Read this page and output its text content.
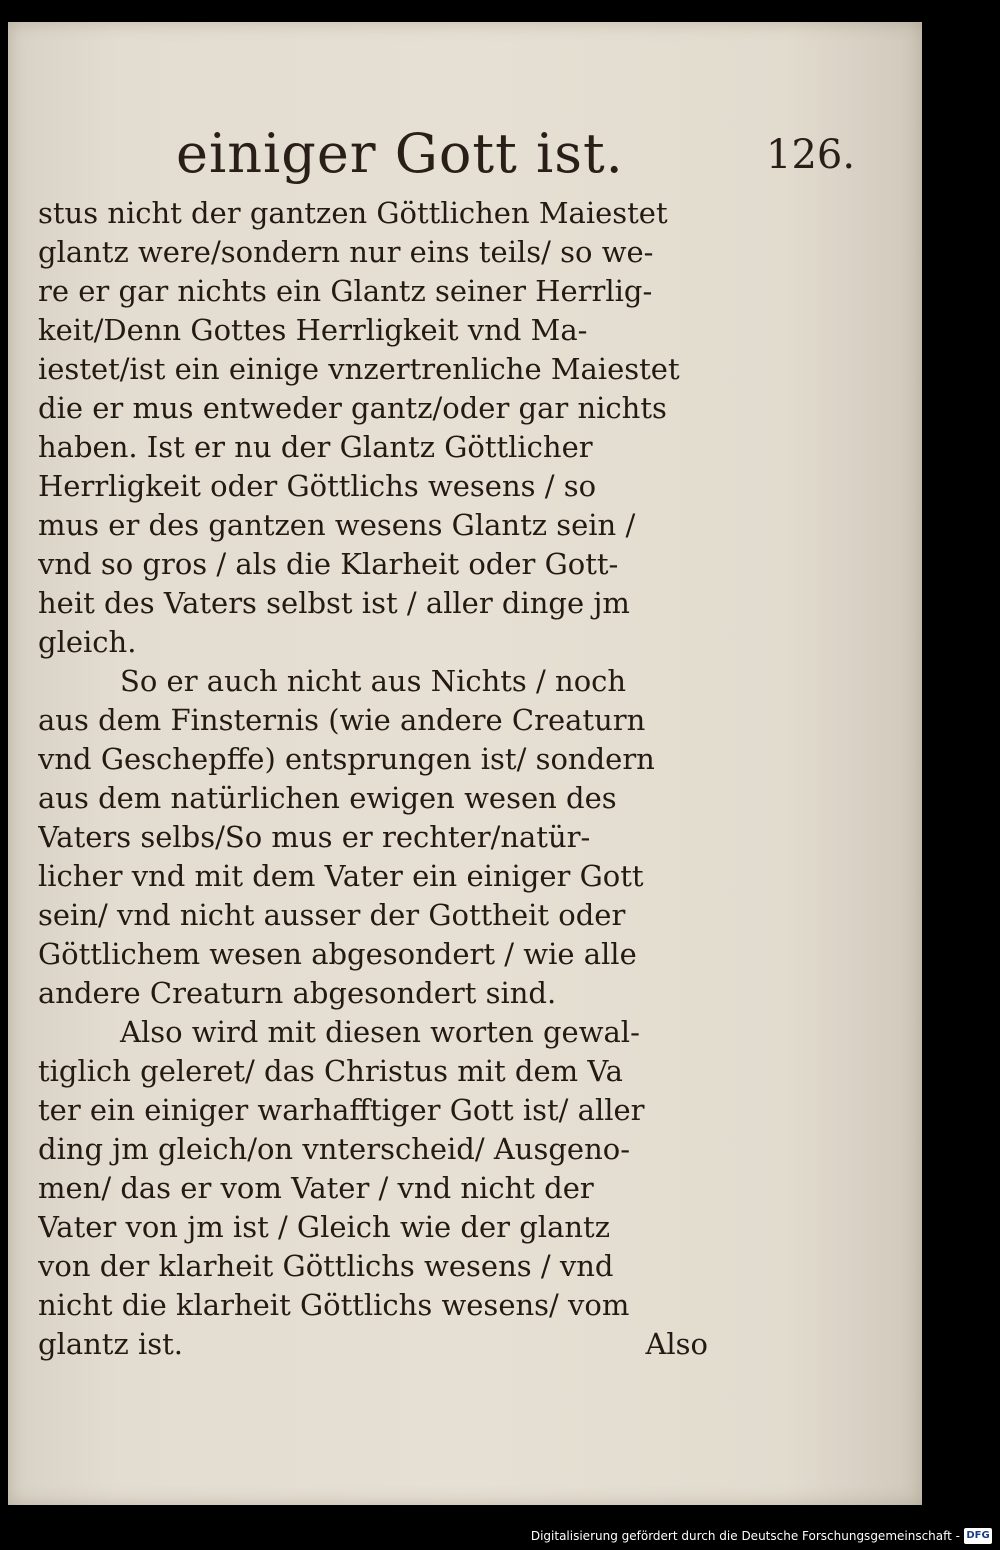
einiger Gott ist.	126.
stus nicht der gantzen Göttlichen Maiestet
glantz were/sondern nur eins teils/ so we-
re er gar nichts ein Glantz seiner Herrlig-
keit/Denn Gottes Herrligkeit vnd Ma-
iestet/ist ein einige vnzertrenliche Maiestet
die er mus entweder gantz/oder gar nichts
haben. Ist er nu der Glantz Göttlicher
Herrligkeit oder Göttlichs wesens / so
mus er des gantzen wesens Glantz sein /
vnd so gros / als die Klarheit oder Gott-
heit des Vaters selbst ist / aller dinge jm
gleich.
So er auch nicht aus Nichts / noch
aus dem Finsternis (wie andere Creaturn
vnd Geschepffe) entsprungen ist/ sondern
aus dem natürlichen ewigen wesen des
Vaters selbs/So mus er rechter/natür-
licher vnd mit dem Vater ein einiger Gott
sein/ vnd nicht ausser der Gottheit oder
Göttlichem wesen abgesondert / wie alle
andere Creaturn abgesondert sind.
Also wird mit diesen worten gewal-
tiglich geleret/ das Christus mit dem Va
ter ein einiger warhafftiger Gott ist/ aller
ding jm gleich/on vnterscheid/ Ausgeno-
men/ das er vom Vater / vnd nicht der
Vater von jm ist / Gleich wie der glantz
von der klarheit Göttlichs wesens / vnd
nicht die klarheit Göttlichs wesens/ vom
glantz ist.	Also
Digitalisierung gefördert durch die Deutsche Forschungsgemeinschaft - DFG
